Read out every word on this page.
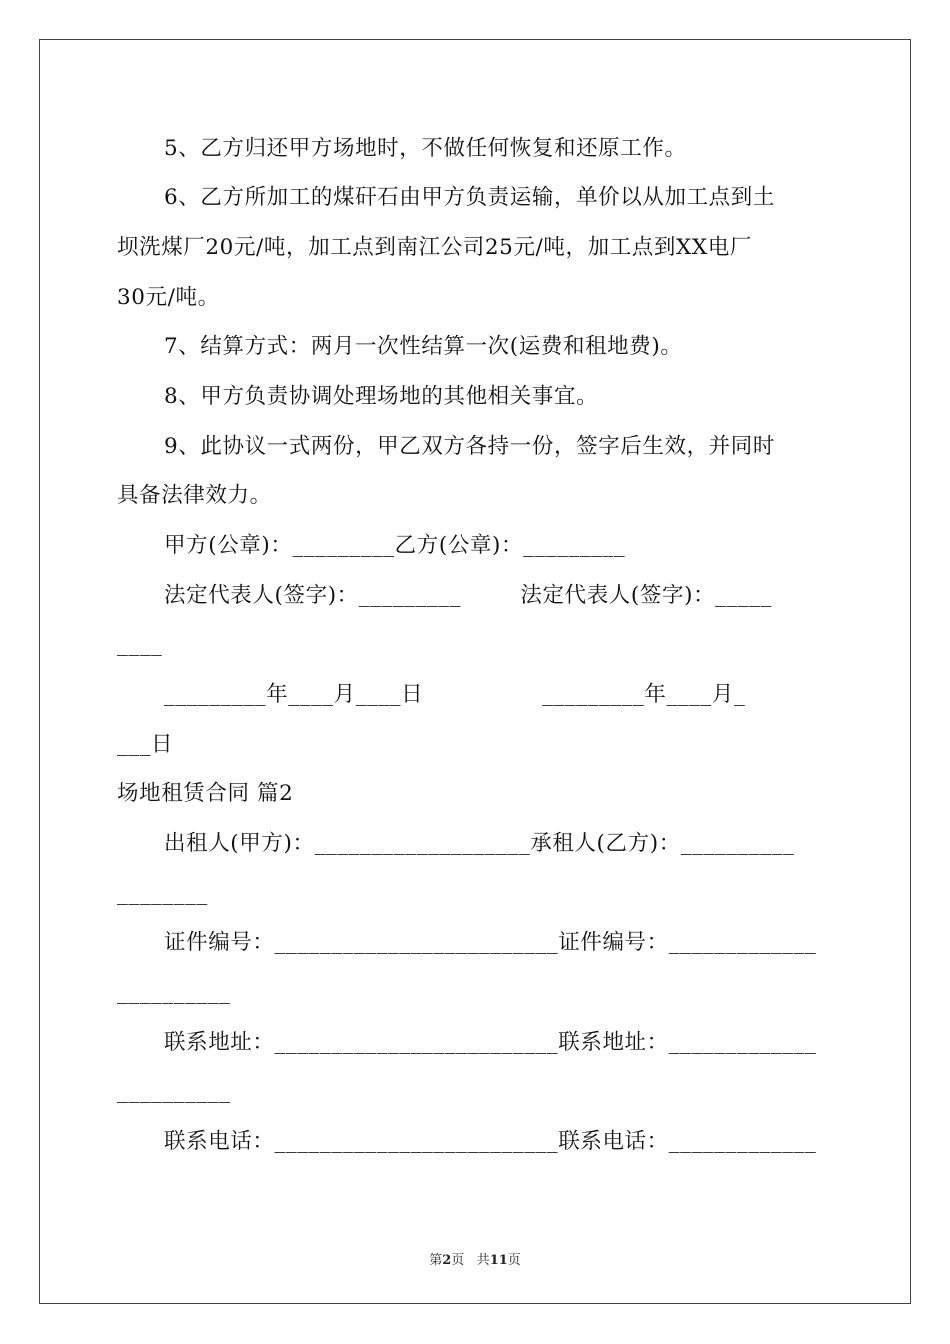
5、乙方归还甲方场地时，不做任何恢复和还原工作。
6、乙方所加工的煤矸石由甲方负责运输，单价以从加工点到土
坝洗煤厂20元/吨，加工点到南江公司25元/吨，加工点到XX电厂
30元/吨。
7、结算方式：两月一次性结算一次(运费和租地费)。
8、甲方负责协调处理场地的其他相关事宜。
9、此协议一式两份，甲乙双方各持一份，签字后生效，并同时
具备法律效力。
甲方(公章)：_________乙方(公章)：_________
法定代表人(签字)：_________        法定代表人(签字)：_____
____
_________年____月____日                _________年____月_
___日
场地租赁合同 篇2
出租人(甲方)：___________________承租人(乙方)：__________
________
证件编号：_________________________证件编号：_____________
__________
联系地址：_________________________联系地址：_____________
__________
联系电话：_________________________联系电话：_____________
第2页 共11页
